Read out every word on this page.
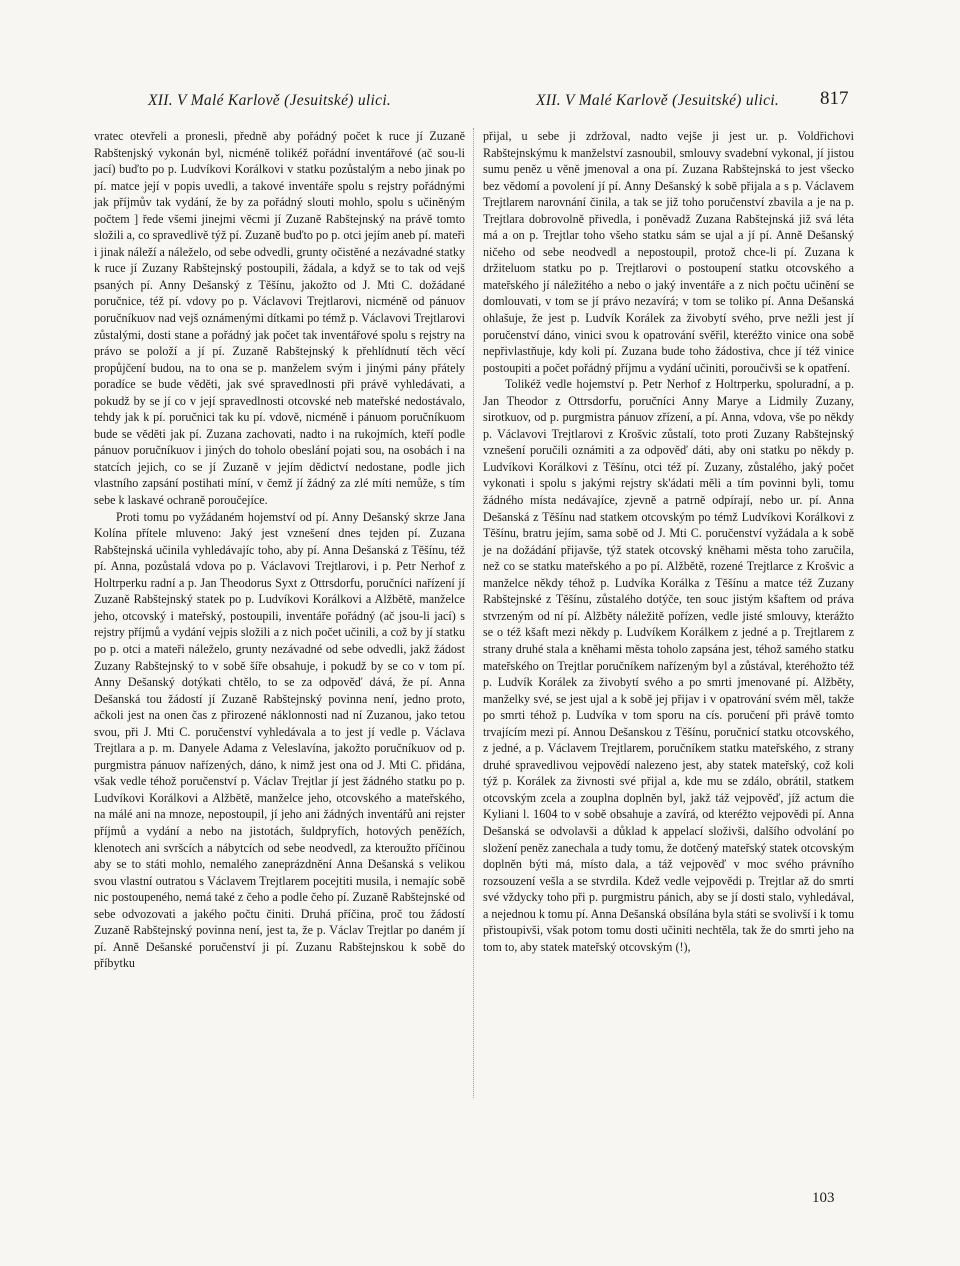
XII. V Malé Karlově (Jesuitské) ulici.	XII. V Malé Karlově (Jesuitské) ulici. 817

vratec otevřeli a pronesli, předně aby pořádný počet k ruce jí Zuzaně Rabštenjský vykonán byl, nicméně tolikéž pořádní inventářové (ač sou-li jací) buďto po p. Ludvíkovi Korálkovi v statku pozůstalým a nebo jinak po pí. matce její v popis uvedli, a takové inventáře spolu s rejstry pořádnými jak příjmův tak vydání, že by za pořádný slouti mohlo, spolu s učiněným počtem ] řede všemi jinejmi věcmi jí Zuzaně Rabštejnský na právě tomto složili a, co spravedlivě týž pí. Zuzaně buďto po p. otci jejím aneb pí. mateři i jinak náleží a náleželo, od sebe odvedli, grunty očistěné a nezávadné statky k ruce jí Zuzany Rabštejnský postoupili, žádala, a když se to tak od vejš psaných pí. Anny Dešanský z Těšínu, jakožto od J. Mti C. dožádané poručnice, též pí. vdovy po p. Václavovi Trejtlarovi, nicméně od pánuov poručníkuov nad vejš oznámenými dítkami po témž p. Václavovi Trejtlarovi zůstalými, dosti stane a pořádný jak počet tak inventářové spolu s rejstry na právo se položí a jí pí. Zuzaně Rabštejnský k přehlídnutí těch věcí propůjčení budou, na to ona se p. manželem svým i jinými pány přátely poradíce se bude věděti, jak své spravedlnosti při právě vyhledávati, a pokudž by se jí co v její spravedlnosti otcovské neb mateřské nedostávalo, tehdy jak k pí. poručnici tak ku pí. vdově, nicméně i pánuom poručníkuom bude se věděti jak pí. Zuzana zachovati, nadto i na rukojmích, kteří podle pánuov poručníkuov i jiných do toholo obeslání pojati sou, na osobách i na statcích jejich, co se jí Zuzaně v jejím dědictví nedostane, podle jich vlastního zapsání postihati míní, v čemž jí žádný za zlé míti nemůže, s tím sebe k laskavé ochraně poroučejíce.

Proti tomu po vyžádaném hojemství od pí. Anny Dešanský skrze Jana Kolína přítele mluveno: Jaký jest vznešení dnes tejden pí. Zuzana Rabštejnská učinila vyhledávajíc toho, aby pí. Anna Dešanská z Těšínu, též pí. Anna, pozůstalá vdova po p. Václavovi Trejtlarovi, i p. Petr Nerhof z Holtrperku radní a p. Jan Theodorus Syxt z Ottrsdorfu, poručníci nařízení jí Zuzaně Rabštejnský statek po p. Ludvíkovi Korálkovi a Alžbětě, manželce jeho, otcovský i mateřský, postoupili, inventáře pořádný (ač jsou-li jací) s rejstry příjmů a vydání vejpis složili a z nich počet učinili, a což by jí statku po p. otci a mateři náleželo, grunty nezávadné od sebe odvedli, jakž žádost Zuzany Rabštejnský to v sobě šíře obsahuje, i pokudž by se co v tom pí. Anny Dešanský dotýkati chtělo, to se za odpověď dává, že pí. Anna Dešanská tou žádostí jí Zuzaně Rabštejnský povinna není, jedno proto, ačkoli jest na onen čas z přirozené náklonnosti nad ní Zuzanou, jako tetou svou, při J. Mti C. poručenství vyhledávala a to jest jí vedle p. Václava Trejtlara a p. m. Danyele Adama z Veleslavína, jakožto poručníkuov od p. purgmistra pánuov nařízených, dáno, k nimž jest ona od J. Mti C. přidána, však vedle téhož poručenství p. Václav Trejtlar jí jest žádného statku po p. Ludvíkovi Korálkovi a Alžbětě, manželce jeho, otcovského a mateřského, na málé ani na mnoze, nepostoupil, jí jeho ani žádných inventářů ani rejster příjmů a vydání a nebo na jistotách, šuldpryfích, hotových peněžích, klenotech ani svršcích a nábytcích od sebe neodvedl, za kteroužto příčinou aby se to státi mohlo, nemalého zaneprázdnění Anna Dešanská s velikou svou vlastní outratou s Václavem Trejtlarem pocejtiti musila, i nemajíc sobě nic postoupeného, nemá také z čeho a podle čeho pí. Zuzaně Rabštejnské od sebe odvozovati a jakého počtu činiti. Druhá příčina, proč tou žádostí Zuzaně Rabštejnský povinna není, jest ta, že p. Václav Trejtlar po daném jí pí. Anně Dešanské poručenství ji pí. Zuzanu Rabštejnskou k sobě do příbytku

přijal, u sebe ji zdržoval, nadto vejše ji jest ur. p. Voldřichovi Rabštejnskýmu k manželství zasnoubil, smlouvy svadební vykonal, jí jistou sumu peněz u věně jmenoval a ona pí. Zuzana Rabštejnská to jest všecko bez vědomí a povolení jí pí. Anny Dešanský k sobě přijala a s p. Václavem Trejtlarem narovnání činila, a tak se již toho poručenství zbavila a je na p. Trejtlara dobrovolně přivedla, i poněvadž Zuzana Rabštejnská již svá léta má a on p. Trejtlar toho všeho statku sám se ujal a jí pí. Anně Dešanský ničeho od sebe neodvedl a nepostoupil, protož chce-li pí. Zuzana k držiteluom statku po p. Trejtlarovi o postoupení statku otcovského a mateřského jí náležitého a nebo o jaký inventáře a z nich počtu učinění se domlouvati, v tom se jí právo nezavírá; v tom se toliko pí. Anna Dešanská ohlašuje, že jest p. Ludvík Korálek za živobytí svého, prve nežli jest jí poručenství dáno, vinici svou k opatrování svěřil, kteréžto vinice ona sobě nepřivlastňuje, kdy koli pí. Zuzana bude toho žádostiva, chce jí též vinice postoupiti a počet pořádný příjmu a vydání učiniti, poroučivši se k opatření.

Tolikéž vedle hojemství p. Petr Nerhof z Holtrperku, spoluradní, a p. Jan Theodor z Ottrsdorfu, poručníci Anny Marye a Lidmily Zuzany, sirotkuov, od p. purgmistra pánuov zřízení, a pí. Anna, vdova, vše po někdy p. Václavovi Trejtlarovi z Krošvic zůstalí, toto proti Zuzany Rabštejnský vznešení poručili oznámiti a za odpověď dáti, aby oni statku po někdy p. Ludvíkovi Korálkovi z Těšínu, otci též pí. Zuzany, zůstalého, jaký počet vykonati i spolu s jakými rejstry sk'ádati měli a tím povinni byli, tomu žádného místa nedávajíce, zjevně a patrně odpírají, nebo ur. pí. Anna Dešanská z Těšínu nad statkem otcovským po témž Ludvíkovi Korálkovi z Těšínu, bratru jejím, sama sobě od J. Mti C. poručenství vyžádala a k sobě je na dožádání přijavše, týž statek otcovský kněhami města toho zaručila, než co se statku mateřského a po pí. Alžbětě, rozené Trejtlarce z Krošvic a manželce někdy téhož p. Ludvíka Korálka z Těšínu a matce též Zuzany Rabštejnské z Těšínu, zůstalého dotýče, ten souc jistým kšaftem od práva stvrzeným od ní pí. Alžběty náležitě pořízen, vedle jisté smlouvy, kterážto se o též kšaft mezi někdy p. Ludvíkem Korálkem z jedné a p. Trejtlarem z strany druhé stala a kněhami města toholo zapsána jest, téhož samého statku mateřského on Trejtlar poručníkem nařízeným byl a zůstával, kteréhožto též p. Ludvík Korálek za živobytí svého a po smrti jmenované pí. Alžběty, manželky své, se jest ujal a k sobě jej přijav i v opatrování svém měl, takže po smrti téhož p. Ludvíka v tom sporu na cís. poručení při právě tomto trvajícím mezi pí. Annou Dešanskou z Těšínu, poručnicí statku otcovského, z jedné, a p. Václavem Trejtlarem, poručníkem statku mateřského, z strany druhé spravedlivou vejpovědí nalezeno jest, aby statek mateřský, což koli týž p. Korálek za živnosti své přijal a, kde mu se zdálo, obrátil, statkem otcovským zcela a zouplna doplněn byl, jakž táž vejpověď, jíž actum die Kyliani l. 1604 to v sobě obsahuje a zavírá, od kteréžto vejpovědi pí. Anna Dešanská se odvolavši a důklad k appelací složivši, dalšího odvolání po složení peněz zanechala a tudy tomu, že dotčený mateřský statek otcovským doplněn býti má, místo dala, a táž vejpověď v moc svého právního rozsouzení vešla a se stvrdila. Kdež vedle vejpovědi p. Trejtlar až do smrti své vždycky toho při p. purgmistru pánich, aby se jí dosti stalo, vyhledával, a nejednou k tomu pí. Anna Dešanská obsílána byla státi se svolivší i k tomu přistoupivši, však potom tomu dosti učiniti nechtěla, tak že do smrti jeho na tom to, aby statek mateřský otcovským (!),

103
